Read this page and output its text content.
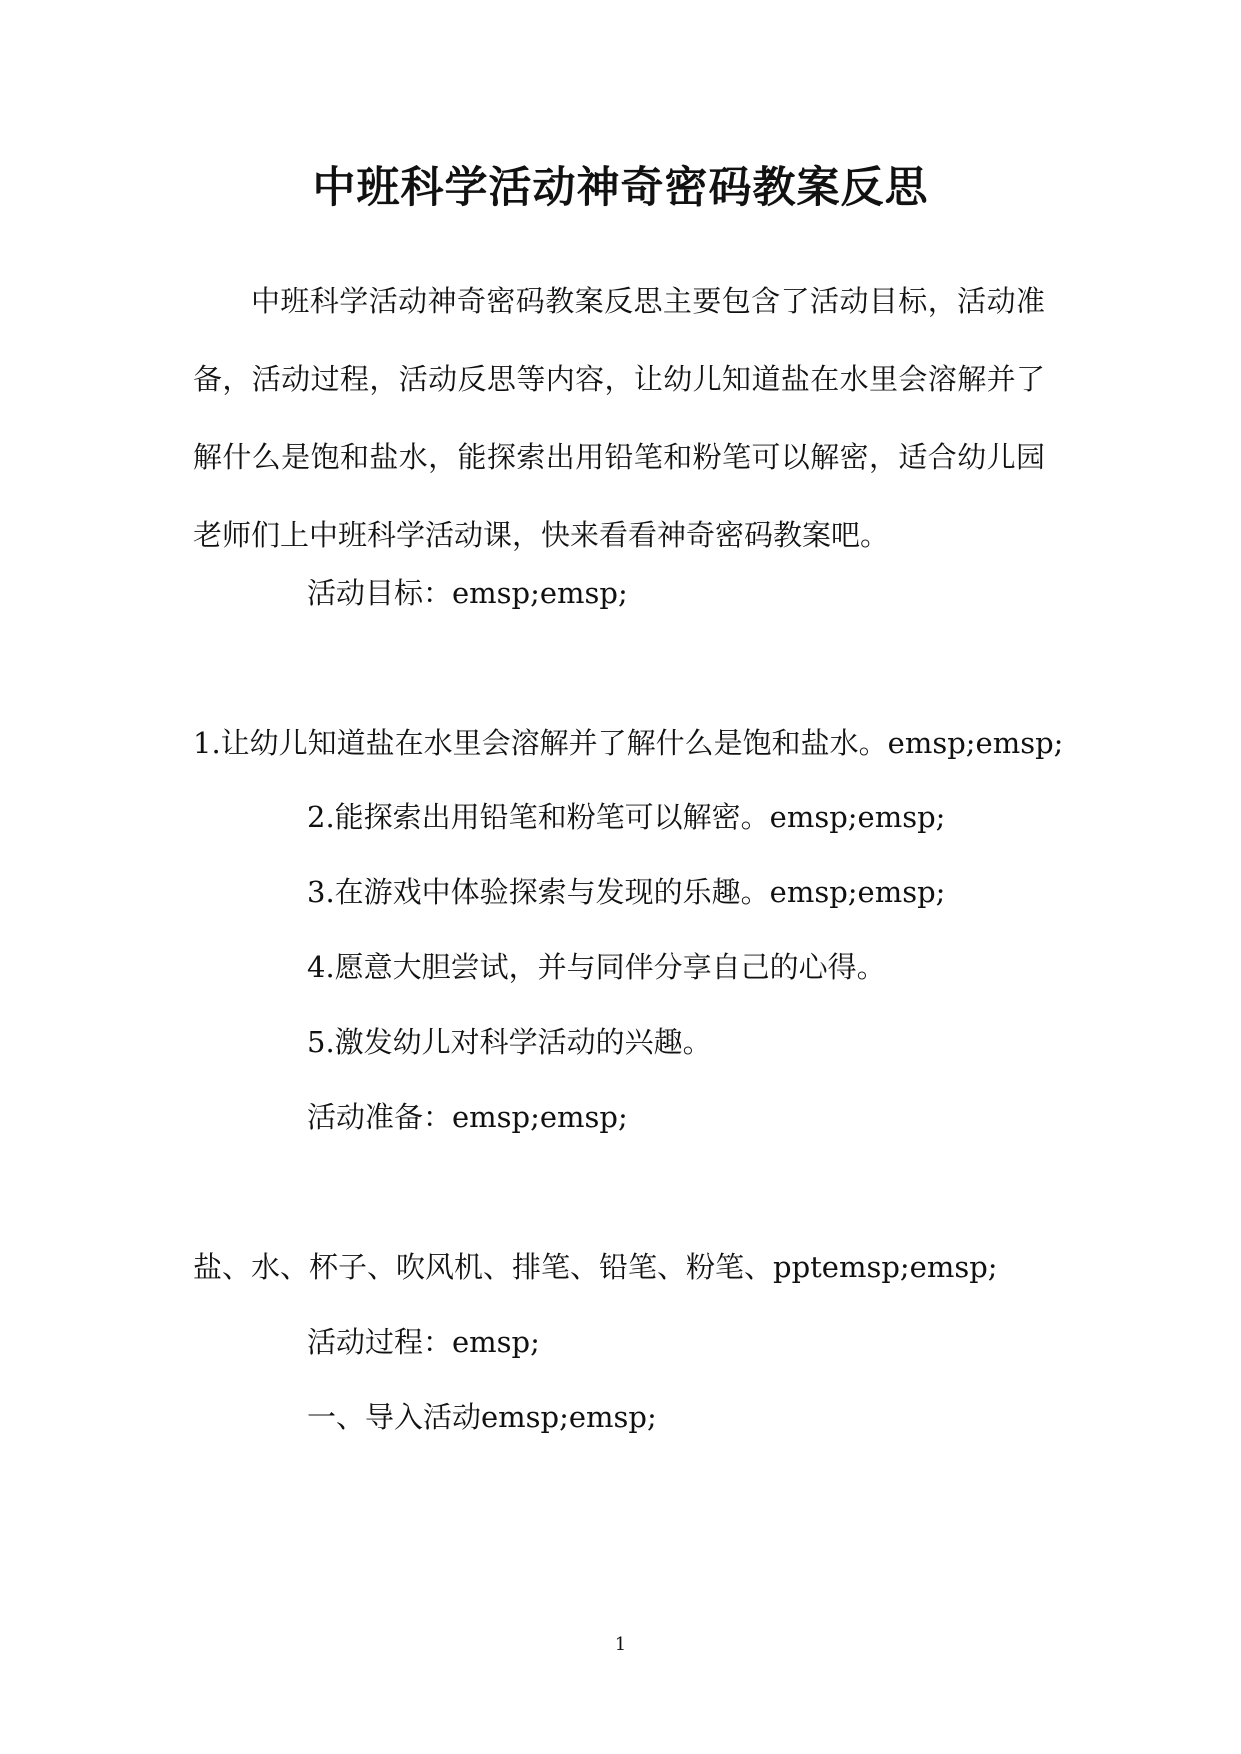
中班科学活动神奇密码教案反思

中班科学活动神奇密码教案反思主要包含了活动目标，活动准备，活动过程，活动反思等内容，让幼儿知道盐在水里会溶解并了解什么是饱和盐水，能探索出用铅笔和粉笔可以解密，适合幼儿园老师们上中班科学活动课，快来看看神奇密码教案吧。

活动目标：emsp;emsp;

1.让幼儿知道盐在水里会溶解并了解什么是饱和盐水。emsp;emsp;

2.能探索出用铅笔和粉笔可以解密。emsp;emsp;

3.在游戏中体验探索与发现的乐趣。emsp;emsp;

4.愿意大胆尝试，并与同伴分享自己的心得。

5.激发幼儿对科学活动的兴趣。

活动准备：emsp;emsp;

盐、水、杯子、吹风机、排笔、铅笔、粉笔、pptemsp;emsp;

活动过程：emsp;

一、导入活动emsp;emsp;

1
